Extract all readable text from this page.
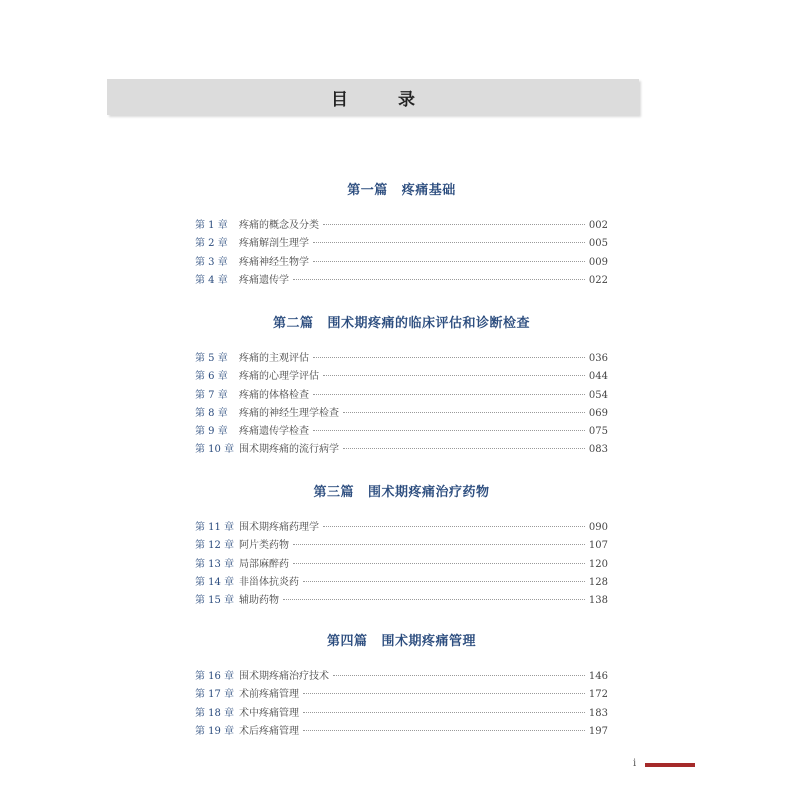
目 录
第一篇 疼痛基础
第 1 章	疼痛的概念及分类	002
第 2 章	疼痛解剖生理学	005
第 3 章	疼痛神经生物学	009
第 4 章	疼痛遗传学	022
第二篇 围术期疼痛的临床评估和诊断检查
第 5 章	疼痛的主观评估	036
第 6 章	疼痛的心理学评估	044
第 7 章	疼痛的体格检查	054
第 8 章	疼痛的神经生理学检查	069
第 9 章	疼痛遗传学检查	075
第 10 章 围术期疼痛的流行病学	083
第三篇 围术期疼痛治疗药物
第 11 章 围术期疼痛药理学	090
第 12 章 阿片类药物	107
第 13 章 局部麻醉药	120
第 14 章 非甾体抗炎药	128
第 15 章 辅助药物	138
第四篇 围术期疼痛管理
第 16 章 围术期疼痛治疗技术	146
第 17 章 术前疼痛管理	172
第 18 章 术中疼痛管理	183
第 19 章 术后疼痛管理	197
i
